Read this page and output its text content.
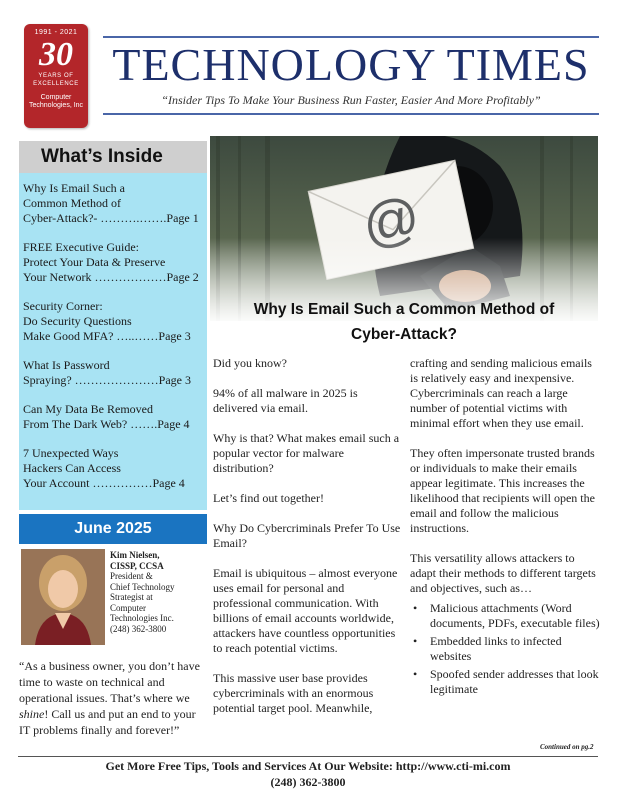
1991 - 2021
30
YEARS OF
EXCELLENCE
Computer
Technologies, Inc
TECHNOLOGY TIMES
“Insider Tips To Make Your Business Run Faster, Easier And More Profitably”
What’s Inside
Why Is Email Such a
Common Method of
Cyber-Attack?- ……….…….Page 1
FREE Executive Guide:
Protect Your Data & Preserve
Your Network ………………Page 2
Security Corner:
Do Security Questions
Make Good MFA? …..……Page 3
What Is Password
Spraying? …………………Page 3
Can My Data Be Removed
From The Dark Web? …….Page 4
7 Unexpected Ways
Hackers Can Access
Your Account ……………Page 4
June 2025
Kim Nielsen,
CISSP, CCSA
President &
Chief Technology
Strategist at
Computer
Technologies Inc.
(248) 362-3800
“As a business owner, you don’t have time to waste on technical and operational issues. That’s where we shine! Call us and put an end to your IT problems finally and forever!”
Why Is Email Such a Common Method of
Cyber-Attack?

Did you know?

94% of all malware in 2025 is delivered via email.

Why is that? What makes email such a popular vector for malware distribution?

Let’s find out together!

Why Do Cybercriminals Prefer To Use Email?

Email is ubiquitous – almost everyone uses email for personal and professional communication. With billions of email accounts worldwide, attackers have countless opportunities to reach potential victims.

This massive user base provides cybercriminals with an enormous potential target pool. Meanwhile,

crafting and sending malicious emails is relatively easy and inexpensive. Cybercriminals can reach a large number of potential victims with minimal effort when they use email.

They often impersonate trusted brands or individuals to make their emails appear legitimate. This increases the likelihood that recipients will open the email and follow the malicious instructions.

This versatility allows attackers to adapt their methods to different targets and objectives, such as…

• Malicious attachments (Word documents, PDFs, executable files)
• Embedded links to infected websites
• Spoofed sender addresses that look legitimate
Continued on pg.2
Get More Free Tips, Tools and Services At Our Website: http://www.cti-mi.com
(248) 362-3800
